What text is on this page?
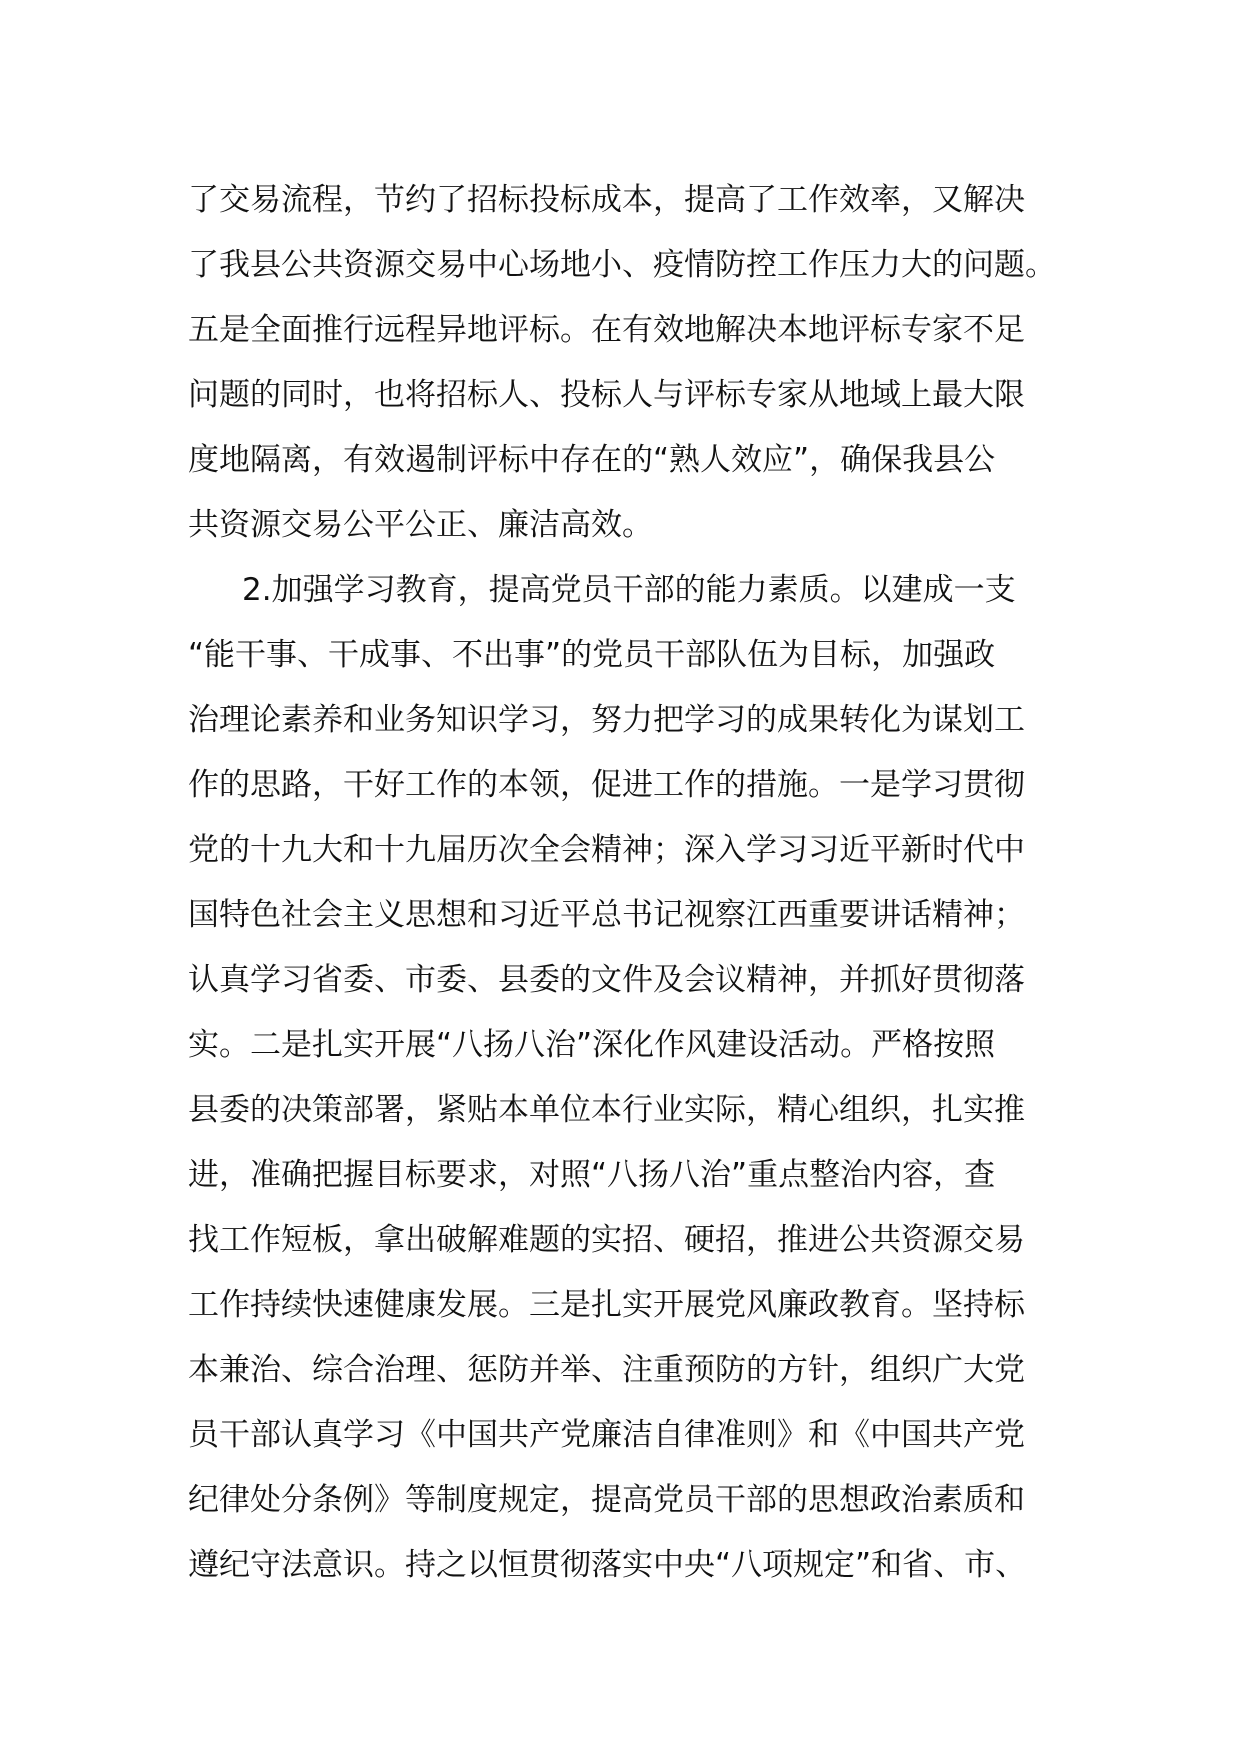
了交易流程，节约了招标投标成本，提高了工作效率，又解决
了我县公共资源交易中心场地小、疫情防控工作压力大的问题。
五是全面推行远程异地评标。在有效地解决本地评标专家不足
问题的同时，也将招标人、投标人与评标专家从地域上最大限
度地隔离，有效遏制评标中存在的“熟人效应”，确保我县公
共资源交易公平公正、廉洁高效。
2.加强学习教育，提高党员干部的能力素质。以建成一支
“能干事、干成事、不出事”的党员干部队伍为目标，加强政
治理论素养和业务知识学习，努力把学习的成果转化为谋划工
作的思路，干好工作的本领，促进工作的措施。一是学习贯彻
党的十九大和十九届历次全会精神；深入学习习近平新时代中
国特色社会主义思想和习近平总书记视察江西重要讲话精神；
认真学习省委、市委、县委的文件及会议精神，并抓好贯彻落
实。二是扎实开展“八扬八治”深化作风建设活动。严格按照
县委的决策部署，紧贴本单位本行业实际，精心组织，扎实推
进，准确把握目标要求，对照“八扬八治”重点整治内容，查
找工作短板，拿出破解难题的实招、硬招，推进公共资源交易
工作持续快速健康发展。三是扎实开展党风廉政教育。坚持标
本兼治、综合治理、惩防并举、注重预防的方针，组织广大党
员干部认真学习《中国共产党廉洁自律准则》和《中国共产党
纪律处分条例》等制度规定，提高党员干部的思想政治素质和
遵纪守法意识。持之以恒贯彻落实中央“八项规定”和省、市、
